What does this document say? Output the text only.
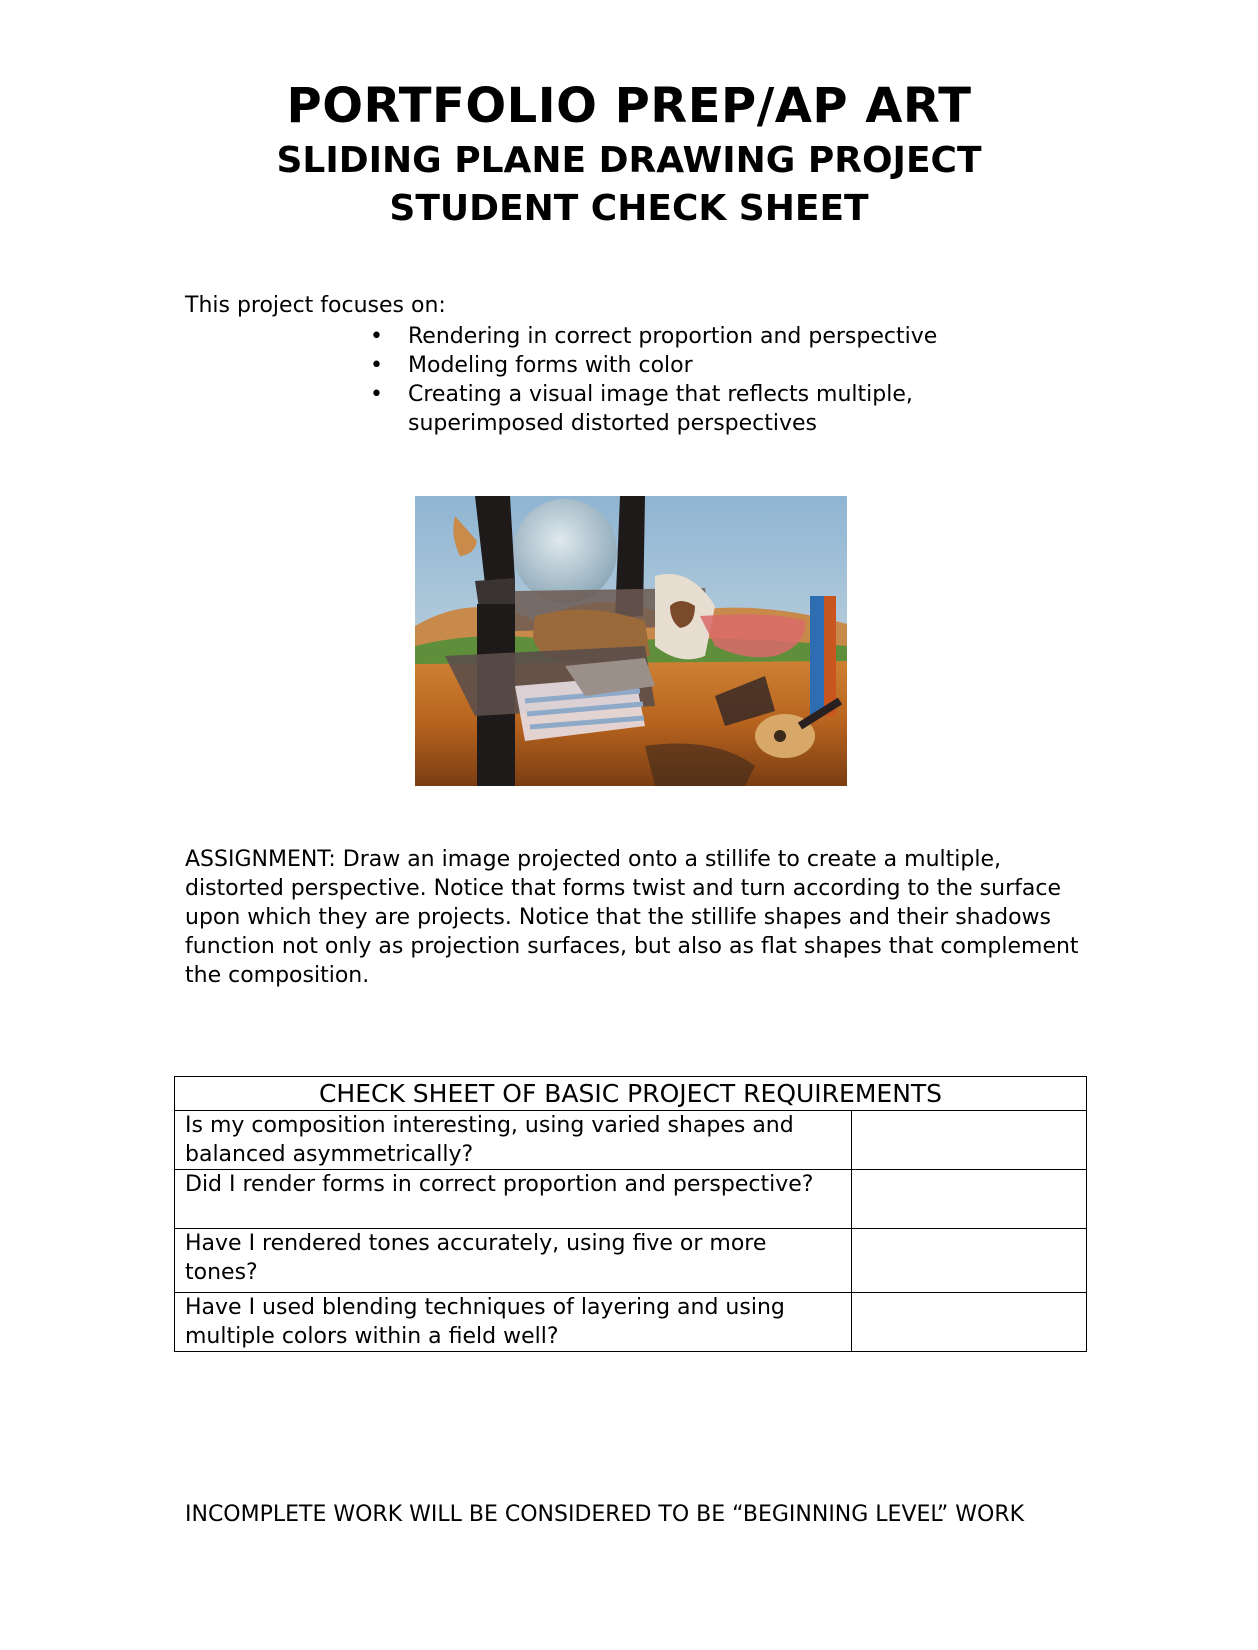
PORTFOLIO PREP/AP ART
SLIDING PLANE DRAWING PROJECT
STUDENT CHECK SHEET

This project focuses on:

• Rendering in correct proportion and perspective
• Modeling forms with color
• Creating a visual image that reflects multiple, superimposed distorted perspectives

ASSIGNMENT: Draw an image projected onto a stillife to create a multiple, distorted perspective. Notice that forms twist and turn according to the surface upon which they are projects. Notice that the stillife shapes and their shadows function not only as projection surfaces, but also as flat shapes that complement the composition.

CHECK SHEET OF BASIC PROJECT REQUIREMENTS	
Is my composition interesting, using varied shapes and balanced asymmetrically?	
Did I render forms in correct proportion and perspective?	
Have I rendered tones accurately, using five or more tones?	
Have I used blending techniques of layering and using multiple colors within a field well?	

INCOMPLETE WORK WILL BE CONSIDERED TO BE “BEGINNING LEVEL” WORK
